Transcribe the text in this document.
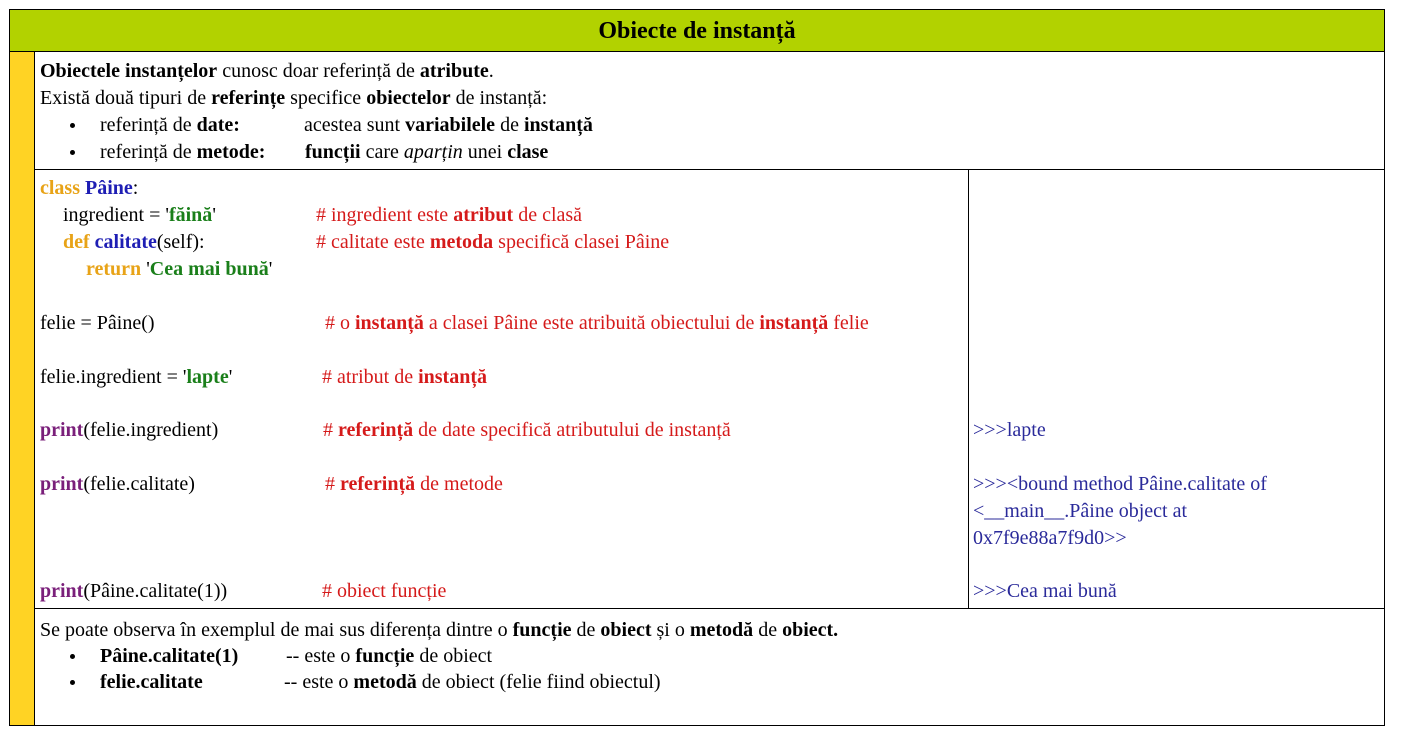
Obiecte de instanță
Obiectele instanțelor cunosc doar referință de atribute.
Există două tipuri de referințe specifice obiectelor de instanță:
referință de date:	acestea sunt variabilele de instanță
referință de metode: funcții care aparțin unei clase
class Pâine:
ingredient = 'făină'	# ingredient este atribut de clasă
def calitate(self):	# calitate este metoda specifică clasei Pâine
return 'Cea mai bună'
felie = Pâine()	# o instanță a clasei Pâine este atribuită obiectului de instanță felie
felie.ingredient = 'lapte'	# atribut de instanță
print(felie.ingredient)	# referință de date specifică atributului de instanță
print(felie.calitate)	# referință de metode
print(Pâine.calitate(1))	# obiect funcție
>>>lapte
>>><bound method Pâine.calitate of
<__main__.Pâine object at
0x7f9e88a7f9d0>>
>>>Cea mai bună
Se poate observa în exemplul de mai sus diferența dintre o funcție de obiect și o metodă de obiect.
Pâine.calitate(1) -- este o funcție de obiect
felie.calitate	-- este o metodă de obiect (felie fiind obiectul)
